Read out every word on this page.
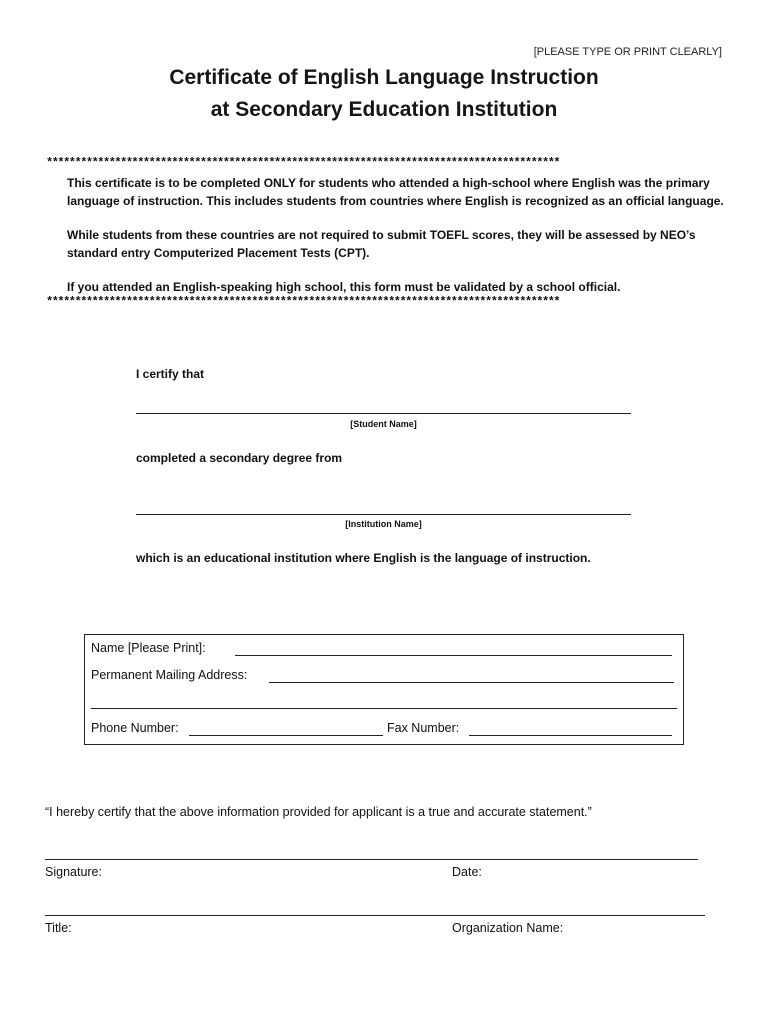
[PLEASE TYPE OR PRINT CLEARLY]
Certificate of English Language Instruction
at Secondary Education Institution
******************************************************************************************
This certificate is to be completed ONLY for students who attended a high-school where English was the primary language of instruction. This includes students from countries where English is recognized as an official language.
While students from these countries are not required to submit TOEFL scores, they will be assessed by NEO’s standard entry Computerized Placement Tests (CPT).
If you attended an English-speaking high school, this form must be validated by a school official.
******************************************************************************************
I certify that
[Student Name]
completed a secondary degree from
[Institution Name]
which is an educational institution where English is the language of instruction.
Name [Please Print]:
Permanent Mailing Address:
Phone Number:	Fax Number:
“I hereby certify that the above information provided for applicant is a true and accurate statement.”
Signature:	Date:
Title:	Organization Name:
